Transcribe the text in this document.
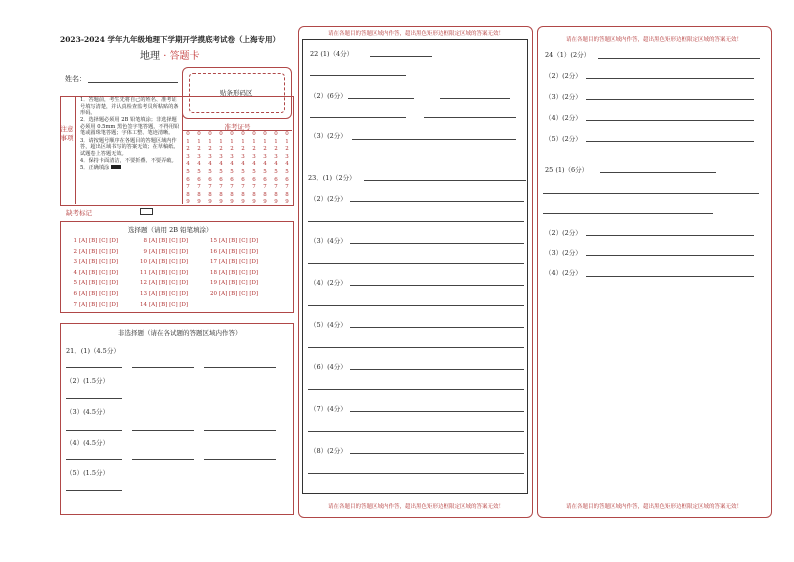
2023-2024 学年九年级地理下学期开学摸底考试卷（上海专用）
地理 · 答题卡
姓名：
贴条形码区
注意事项
1．答题前，考生先将自己的姓名、准考证号填写清楚，并认真检查监考员所粘贴的条形码。
2．选择题必须用 2B 铅笔填涂；非选择题必须用 0.5mm 黑色签字笔答题，不得用铅笔或圆珠笔答题；字体工整、笔迹清晰。
3．请按题号顺序在各题目的答题区域内作答，超出区域书写的答案无效；在草稿纸、试题卷上答题无效。
4．保持卡面清洁，不要折叠、不要弄破。
5．正确填涂
准考证号
0
1
2
3
4
5
6
7
8
9
0
1
2
3
4
5
6
7
8
9
0
1
2
3
4
5
6
7
8
9
0
1
2
3
4
5
6
7
8
9
0
1
2
3
4
5
6
7
8
9
0
1
2
3
4
5
6
7
8
9
0
1
2
3
4
5
6
7
8
9
0
1
2
3
4
5
6
7
8
9
0
1
2
3
4
5
6
7
8
9
0
1
2
3
4
5
6
7
8
9
缺考标记
选择题（请用 2B 铅笔填涂）
1 [A] [B] [C] [D]
2 [A] [B] [C] [D]
3 [A] [B] [C] [D]
4 [A] [B] [C] [D]
5 [A] [B] [C] [D]
6 [A] [B] [C] [D]
7 [A] [B] [C] [D]
8 [A] [B] [C] [D]
9 [A] [B] [C] [D]
10 [A] [B] [C] [D]
11 [A] [B] [C] [D]
12 [A] [B] [C] [D]
13 [A] [B] [C] [D]
14 [A] [B] [C] [D]
15 [A] [B] [C] [D]
16 [A] [B] [C] [D]
17 [A] [B] [C] [D]
18 [A] [B] [C] [D]
19 [A] [B] [C] [D]
20 [A] [B] [C] [D]
非选择题（请在各试题的答题区域内作答）
21．(1)（4.5分）
（2）(1.5分）
（3）(4.5分）
（4）(4.5分）
（5）(1.5分）
请在各题目的答题区域内作答，超出黑色矩形边框限定区域的答案无效！
请在各题目的答题区域内作答，超出黑色矩形边框限定区域的答案无效！
22 (1)（4分）
（2）(6分）
（3）(2分）
23．(1)（2分）
（2）(2分）
（3）(4分）
（4）(2分）
（5）(4分）
（6）(4分）
（7）(4分）
（8）(2分）
请在各题目的答题区域内作答，超出黑色矩形边框限定区域的答案无效！
请在各题目的答题区域内作答，超出黑色矩形边框限定区域的答案无效！
24（1）(2分）
（2）(2分）
（3）(2分）
（4）(2分）
（5）(2分）
25 (1)（6分）
（2）(2分）
（3）(2分）
（4）(2分）
